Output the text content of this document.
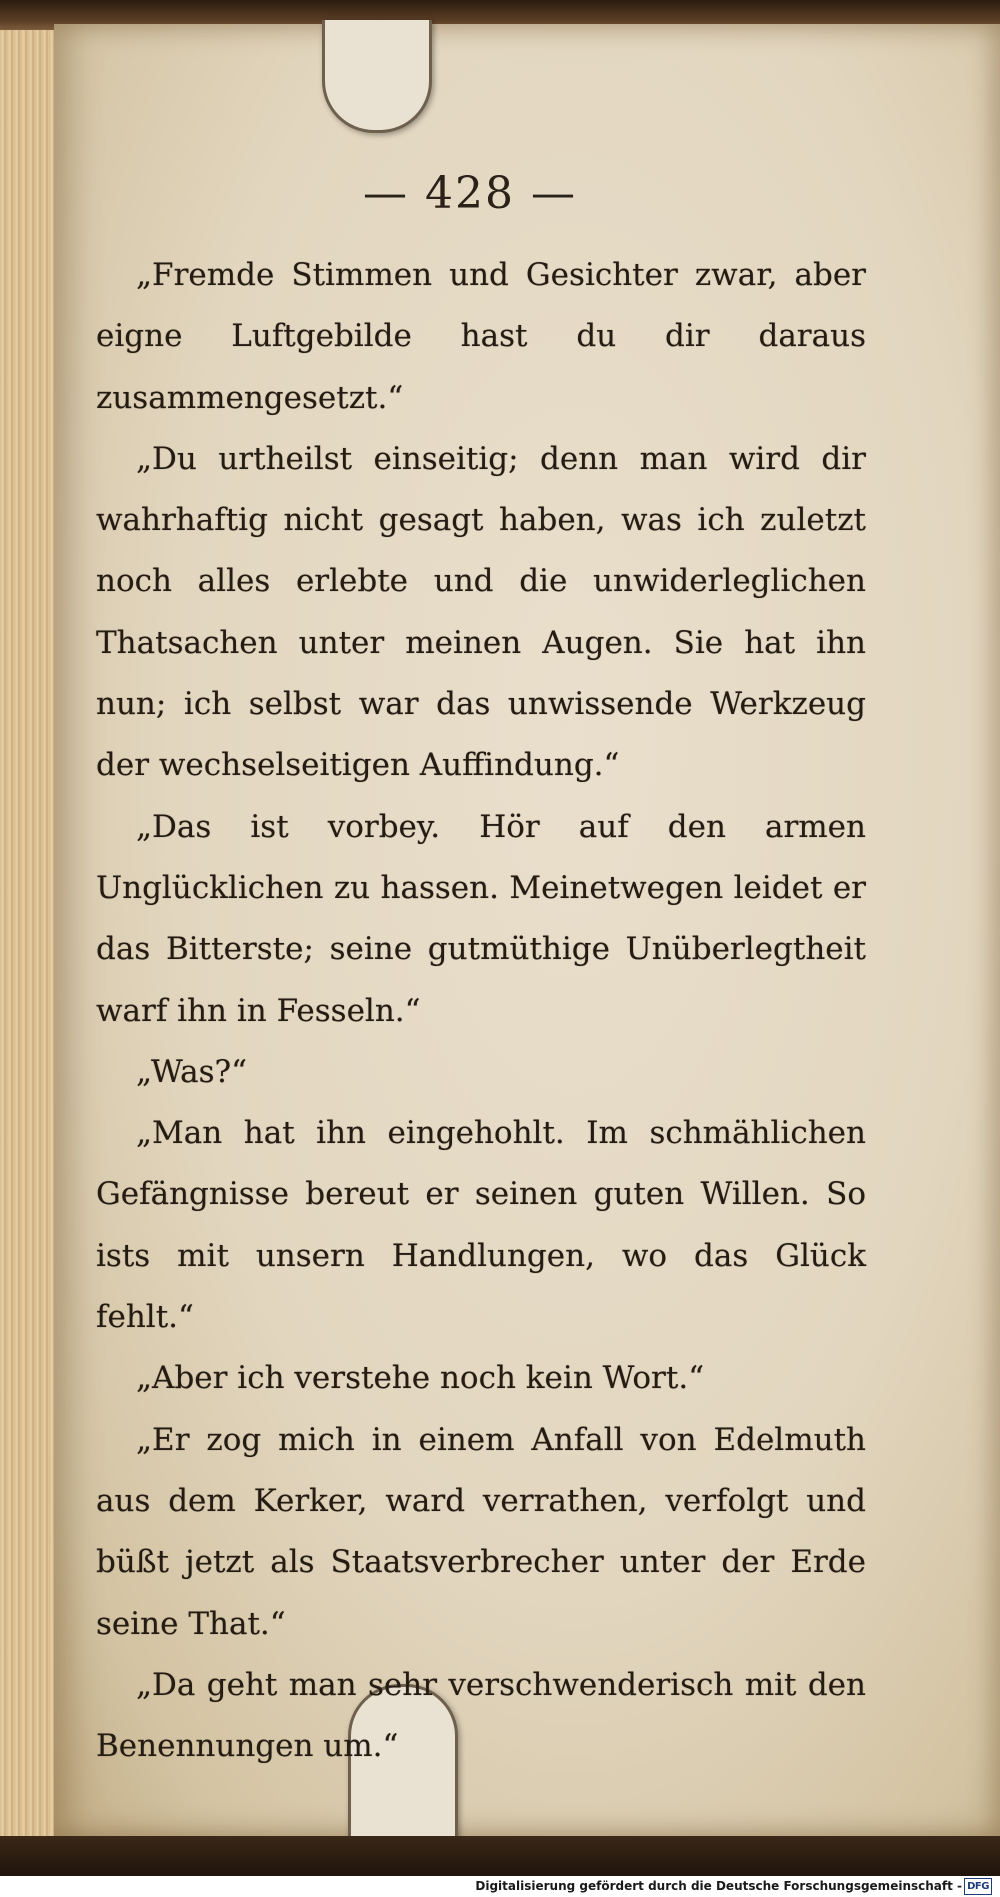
— 428 —

„Fremde Stimmen und Gesichter zwar, aber eigne Luftgebilde hast du dir daraus zusammengesetzt.“

„Du urtheilst einseitig; denn man wird dir wahrhaftig nicht gesagt haben, was ich zuletzt noch alles erlebte und die unwiderleglichen Thatsachen unter meinen Augen. Sie hat ihn nun; ich selbst war das unwissende Werkzeug der wechselseitigen Auffindung.“

„Das ist vorbey. Hör auf den armen Unglücklichen zu hassen. Meinetwegen leidet er das Bitterste; seine gutmüthige Unüberlegtheit warf ihn in Fesseln.“

„Was?“

„Man hat ihn eingehohlt. Im schmählichen Gefängnisse bereut er seinen guten Willen. So ists mit unsern Handlungen, wo das Glück fehlt.“

„Aber ich verstehe noch kein Wort.“

„Er zog mich in einem Anfall von Edelmuth aus dem Kerker, ward verrathen, verfolgt und büßt jetzt als Staatsverbrecher unter der Erde seine That.“

„Da geht man sehr verschwenderisch mit den Benennungen um.“

Digitalisierung gefördert durch die Deutsche Forschungsgemeinschaft - DFG
